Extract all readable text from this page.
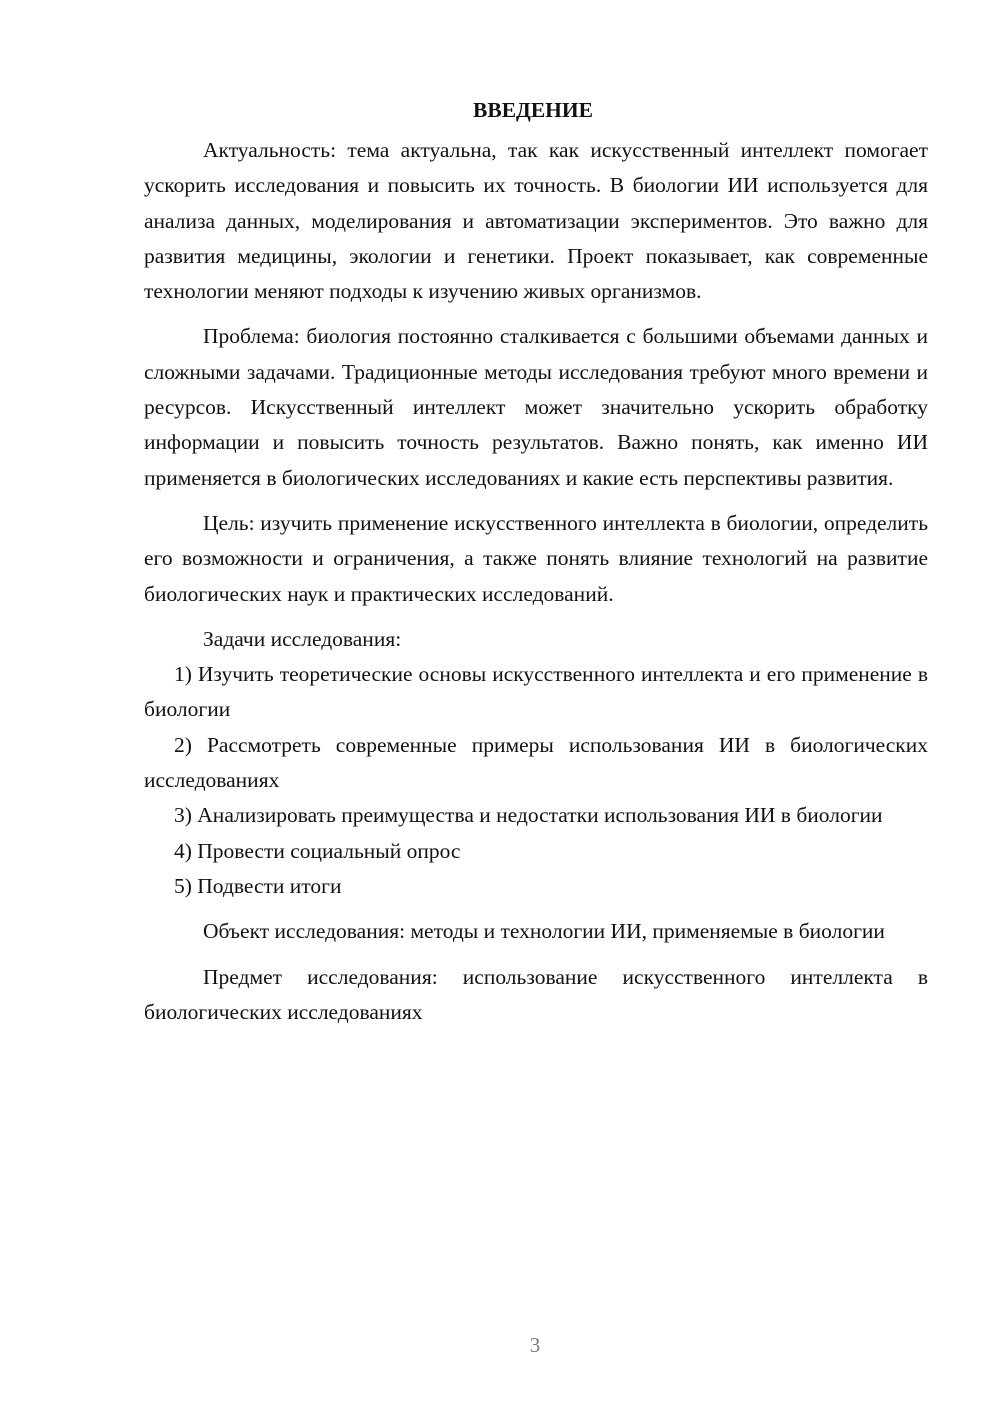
ВВЕДЕНИЕ

Актуальность: тема актуальна, так как искусственный интеллект помогает ускорить исследования и повысить их точность. В биологии ИИ используется для анализа данных, моделирования и автоматизации экспериментов. Это важно для развития медицины, экологии и генетики. Проект показывает, как современные технологии меняют подходы к изучению живых организмов.

Проблема: биология постоянно сталкивается с большими объемами данных и сложными задачами. Традиционные методы исследования требуют много времени и ресурсов. Искусственный интеллект может значительно ускорить обработку информации и повысить точность результатов. Важно понять, как именно ИИ применяется в биологических исследованиях и какие есть перспективы развития.

Цель: изучить применение искусственного интеллекта в биологии, определить его возможности и ограничения, а также понять влияние технологий на развитие биологических наук и практических исследований.

Задачи исследования:

1) Изучить теоретические основы искусственного интеллекта и его применение в биологии

2) Рассмотреть современные примеры использования ИИ в биологических исследованиях

3) Анализировать преимущества и недостатки использования ИИ в биологии

4) Провести социальный опрос

5) Подвести итоги

Объект исследования: методы и технологии ИИ, применяемые в биологии

Предмет исследования: использование искусственного интеллекта в биологических исследованиях

3
